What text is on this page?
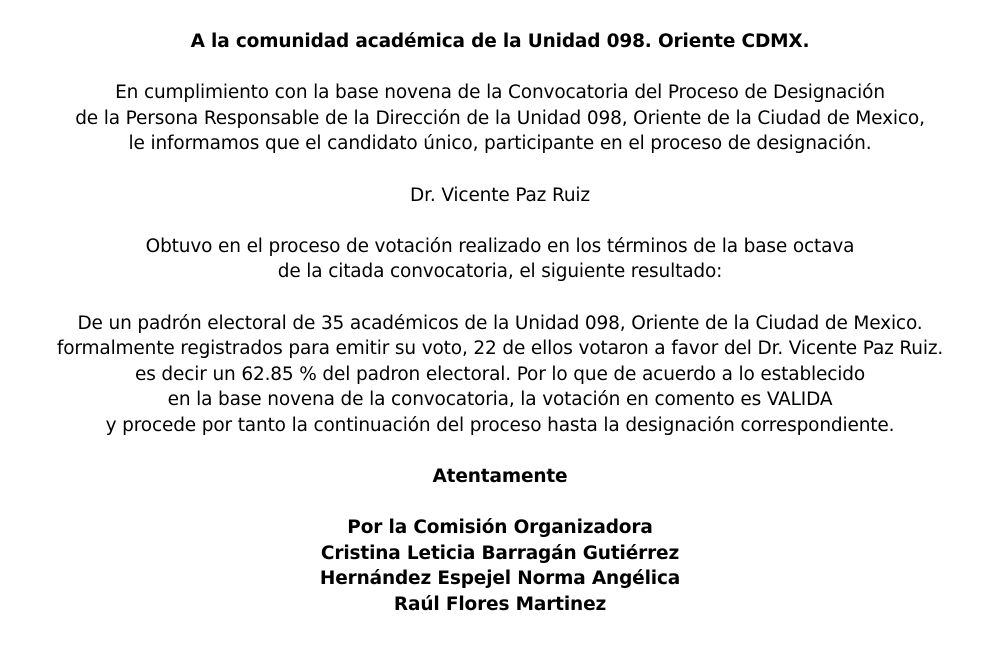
A la comunidad académica de la Unidad 098. Oriente CDMX.
En cumplimiento con la base novena de la Convocatoria del Proceso de Designación
de la Persona Responsable de la Dirección de la Unidad 098, Oriente de la Ciudad de Mexico,
le informamos que el candidato único, participante en el proceso de designación.
Dr. Vicente Paz Ruiz
Obtuvo en el proceso de votación realizado en los términos de la base octava
de la citada convocatoria, el siguiente resultado:
De un padrón electoral de 35 académicos de la Unidad 098, Oriente de la Ciudad de Mexico.
formalmente registrados para emitir su voto, 22 de ellos votaron a favor del Dr. Vicente Paz Ruiz.
es decir un 62.85 % del padron electoral. Por lo que de acuerdo a lo establecido
en la base novena de la convocatoria, la votación en comento es VALIDA
y procede por tanto la continuación del proceso hasta la designación correspondiente.
Atentamente
Por la Comisión Organizadora
Cristina Leticia Barragán Gutiérrez
Hernández Espejel Norma Angélica
Raúl Flores Martinez
